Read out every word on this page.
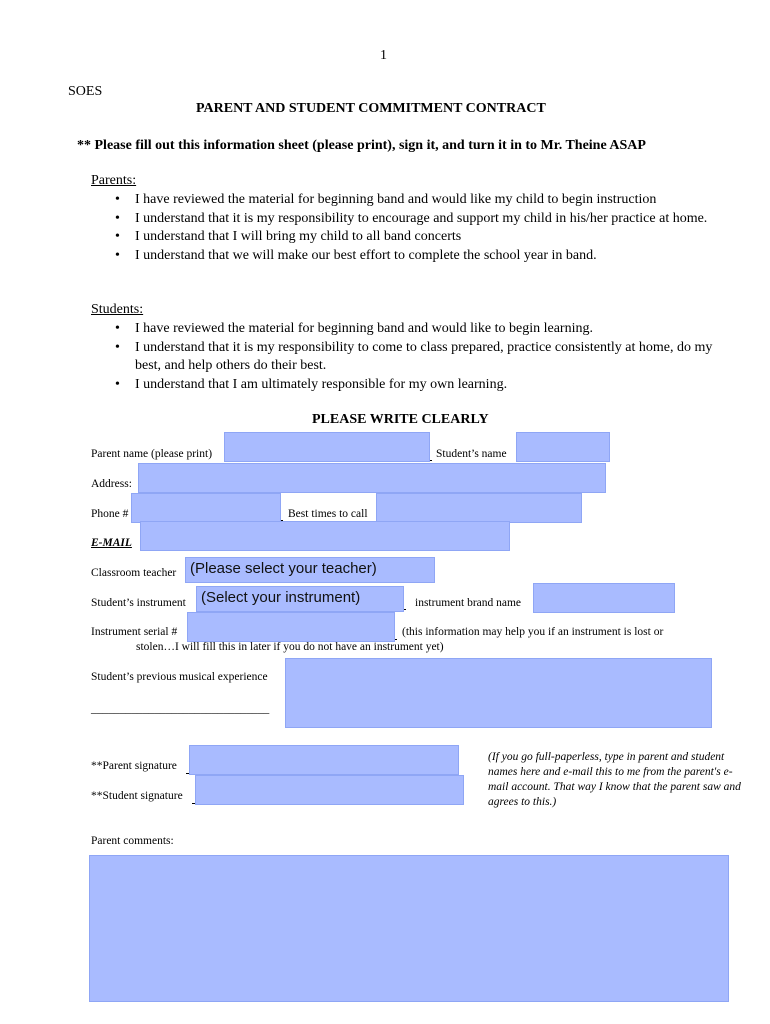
1
SOES
PARENT AND STUDENT COMMITMENT CONTRACT
** Please fill out this information sheet (please print), sign it, and turn it in to Mr. Theine ASAP
Parents:
• I have reviewed the material for beginning band and would like my child to begin instruction
• I understand that it is my responsibility to encourage and support my child in his/her practice at home.
• I understand that I will bring my child to all band concerts
• I understand that we will make our best effort to complete the school year in band.
Students:
• I have reviewed the material for beginning band and would like to begin learning.
• I understand that it is my responsibility to come to class prepared, practice consistently at home, do my best, and help others do their best.
• I understand that I am ultimately responsible for my own learning.
PLEASE WRITE CLEARLY
Parent name (please print)	Student’s name
Address:
Phone #	Best times to call
E-MAIL
Classroom teacher (Please select your teacher)
Student’s instrument	(Select your instrument)	instrument brand name
Instrument serial #	(this information may help you if an instrument is lost or
stolen…I will fill this in later if you do not have an instrument yet)
Student’s previous musical experience
_______________________________
**Parent signature
**Student signature
(If you go full-paperless, type in parent and student names here and e-mail this to me from the parent's e-mail account. That way I know that the parent saw and agrees to this.)
Parent comments:
